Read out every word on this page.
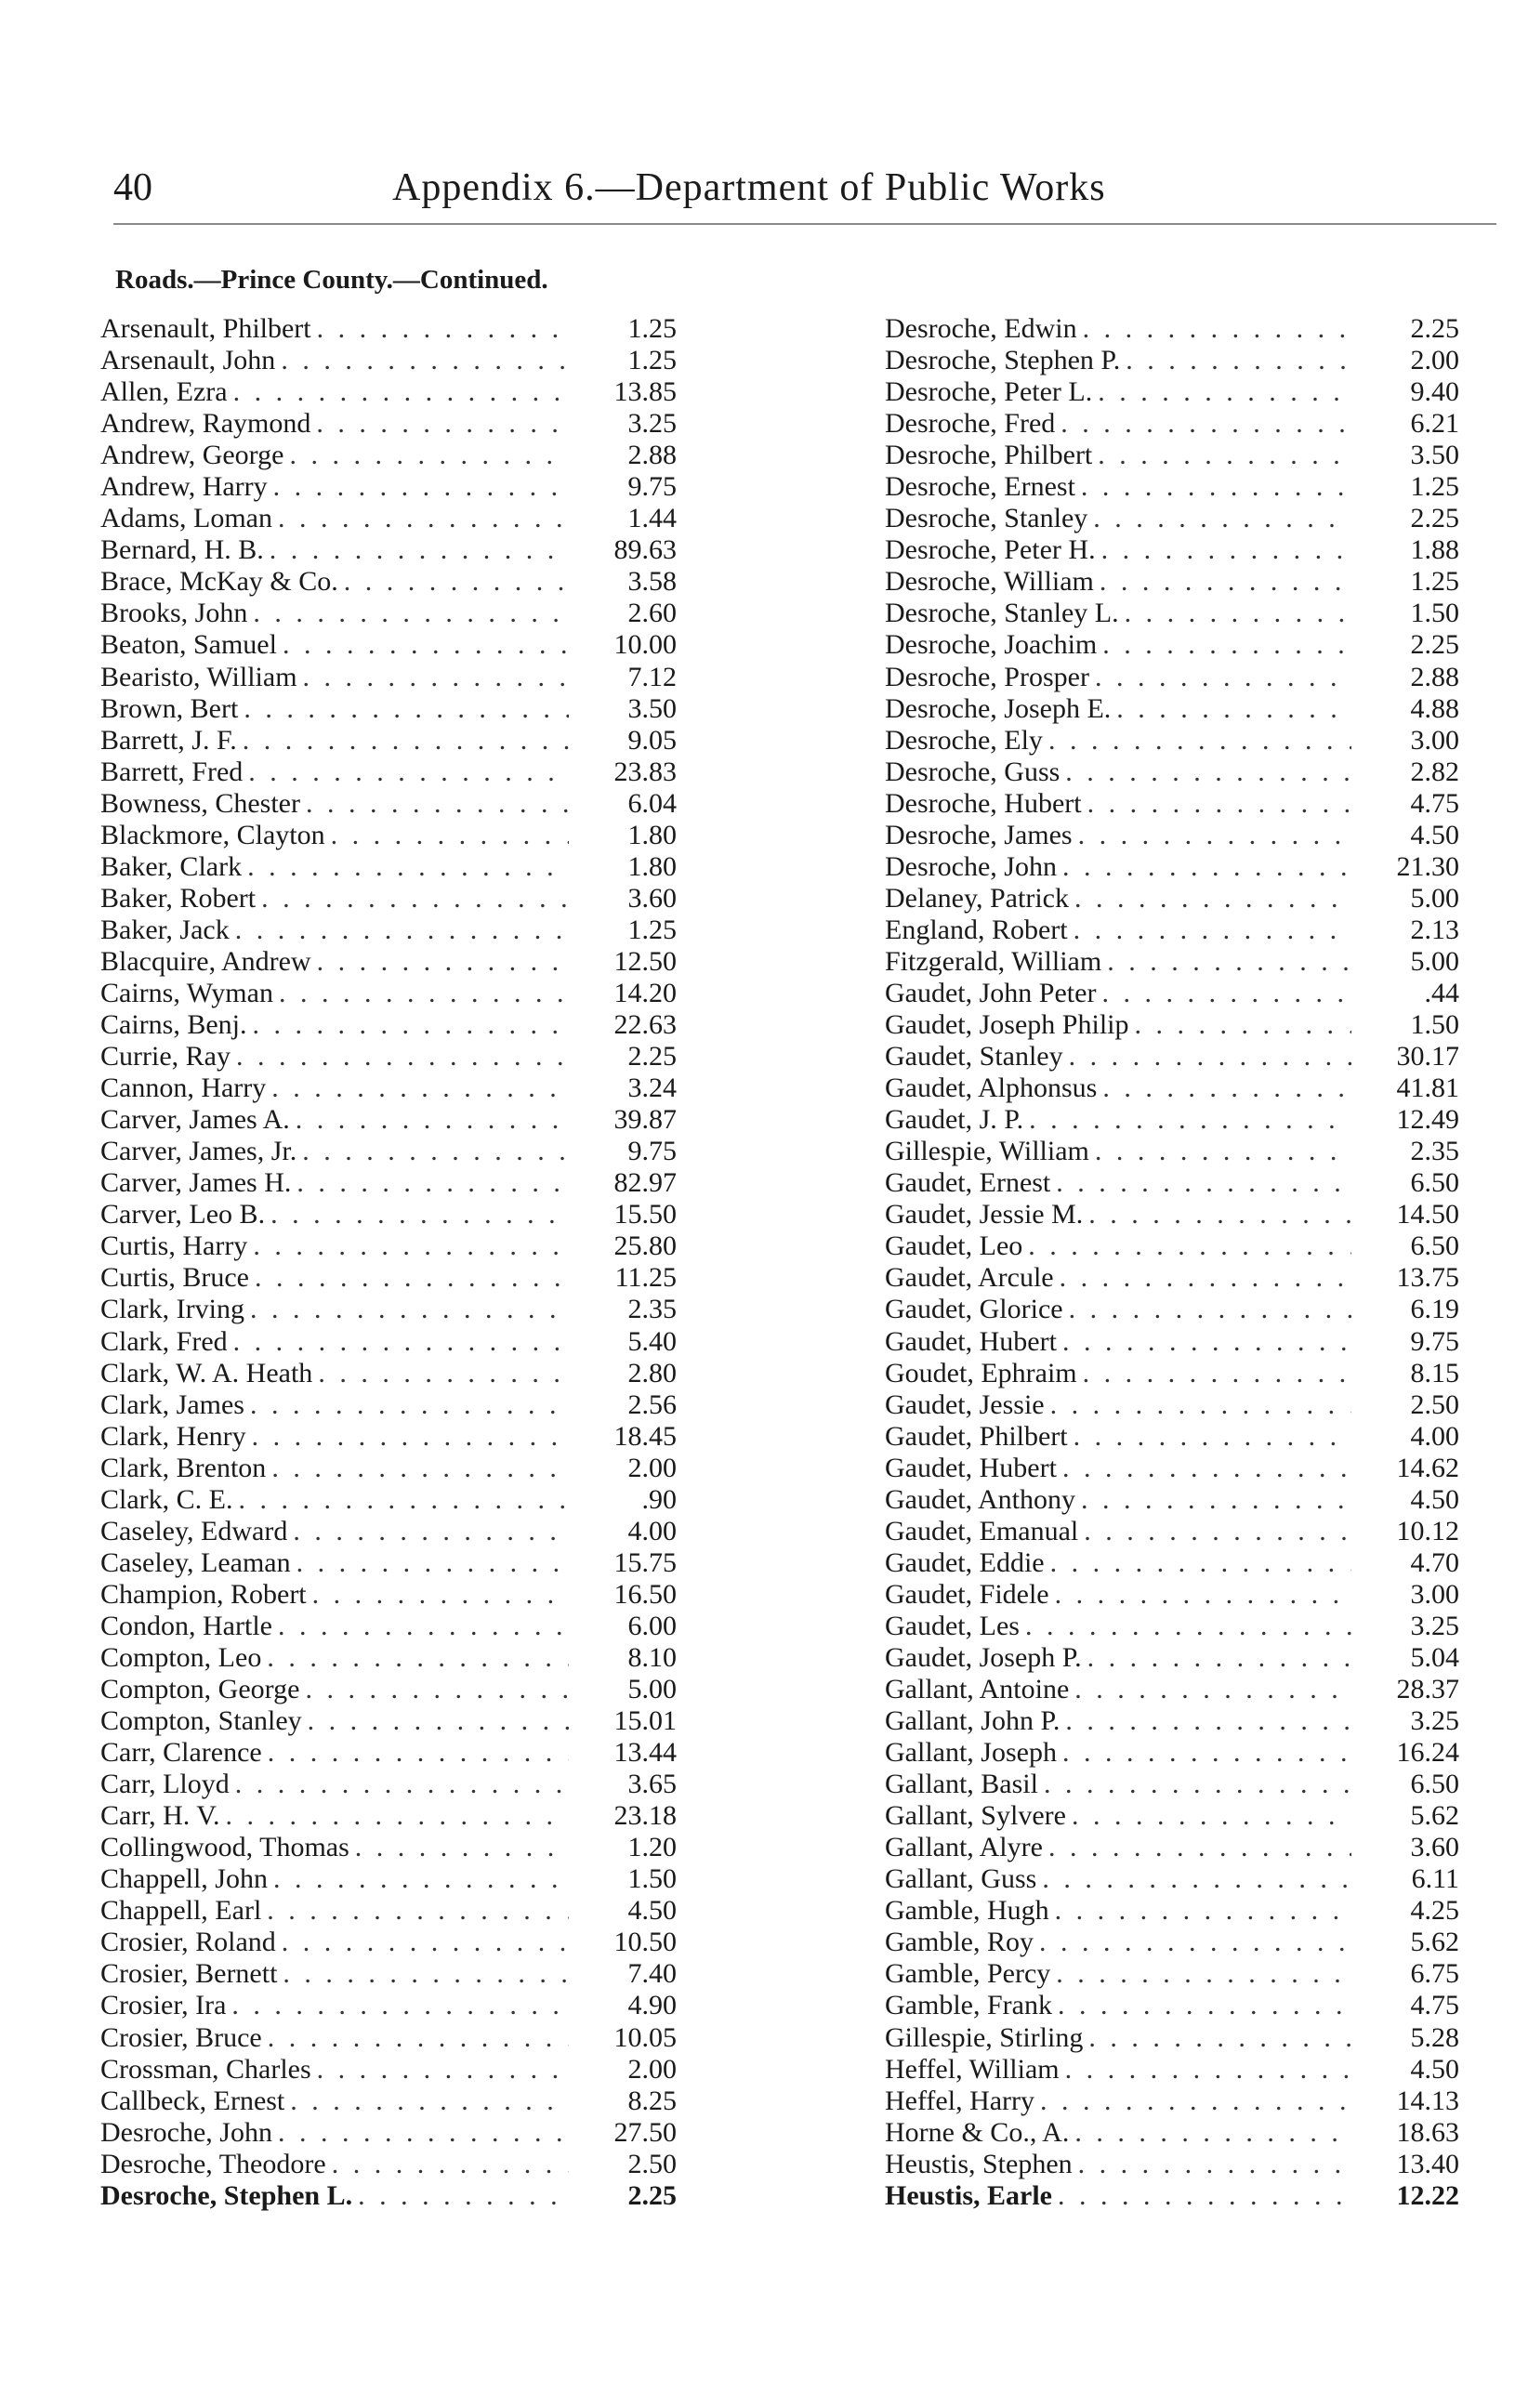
40	Appendix 6.—Department of Public Works
Roads.—Prince County.—Continued.
Arsenault, Philbert . . .	1.25
Arsenault, John . . .	1.25
Allen, Ezra . . .	13.85
Andrew, Raymond . . .	3.25
Andrew, George . . .	2.88
Andrew, Harry . . .	9.75
Adams, Loman . . .	1.44
Bernard, H. B. . . .	89.63
Brace, McKay & Co. . . .	3.58
Brooks, John . . .	2.60
Beaton, Samuel . . .	10.00
Bearisto, William . . .	7.12
Brown, Bert . . .	3.50
Barrett, J. F. . . .	9.05
Barrett, Fred . . .	23.83
Bowness, Chester . . .	6.04
Blackmore, Clayton . . .	1.80
Baker, Clark . . .	1.80
Baker, Robert . . .	3.60
Baker, Jack . . .	1.25
Blacquire, Andrew . . .	12.50
Cairns, Wyman . . .	14.20
Cairns, Benj. . . .	22.63
Currie, Ray . . .	2.25
Cannon, Harry . . .	3.24
Carver, James A. . . .	39.87
Carver, James, Jr. . . .	9.75
Carver, James H. . . .	82.97
Carver, Leo B. . . .	15.50
Curtis, Harry . . .	25.80
Curtis, Bruce . . .	11.25
Clark, Irving . . .	2.35
Clark, Fred . . .	5.40
Clark, W. A. Heath . . .	2.80
Clark, James . . .	2.56
Clark, Henry . . .	18.45
Clark, Brenton . . .	2.00
Clark, C. E. . . .	.90
Caseley, Edward . . .	4.00
Caseley, Leaman . . .	15.75
Champion, Robert . . .	16.50
Condon, Hartle . . .	6.00
Compton, Leo . . .	8.10
Compton, George . . .	5.00
Compton, Stanley . . .	15.01
Carr, Clarence . . .	13.44
Carr, Lloyd . . .	3.65
Carr, H. V. . . .	23.18
Collingwood, Thomas . . .	1.20
Chappell, John . . .	1.50
Chappell, Earl . . .	4.50
Crosier, Roland . . .	10.50
Crosier, Bernett . . .	7.40
Crosier, Ira . . .	4.90
Crosier, Bruce . . .	10.05
Crossman, Charles . . .	2.00
Callbeck, Ernest . . .	8.25
Desroche, John . . .	27.50
Desroche, Theodore . . .	2.50
Desroche, Stephen L. . . .	2.25
Desroche, Edwin . . .	2.25
Desroche, Stephen P. . . .	2.00
Desroche, Peter L. . . .	9.40
Desroche, Fred . . .	6.21
Desroche, Philbert . . .	3.50
Desroche, Ernest . . .	1.25
Desroche, Stanley . . .	2.25
Desroche, Peter H. . . .	1.88
Desroche, William . . .	1.25
Desroche, Stanley L. . . .	1.50
Desroche, Joachim . . .	2.25
Desroche, Prosper . . .	2.88
Desroche, Joseph E. . . .	4.88
Desroche, Ely . . .	3.00
Desroche, Guss . . .	2.82
Desroche, Hubert . . .	4.75
Desroche, James . . .	4.50
Desroche, John . . .	21.30
Delaney, Patrick . . .	5.00
England, Robert . . .	2.13
Fitzgerald, William . . .	5.00
Gaudet, John Peter . . .	.44
Gaudet, Joseph Philip . . .	1.50
Gaudet, Stanley . . .	30.17
Gaudet, Alphonsus . . .	41.81
Gaudet, J. P. . . .	12.49
Gillespie, William . . .	2.35
Gaudet, Ernest . . .	6.50
Gaudet, Jessie M. . . .	14.50
Gaudet, Leo . . .	6.50
Gaudet, Arcule . . .	13.75
Gaudet, Glorice . . .	6.19
Gaudet, Hubert . . .	9.75
Goudet, Ephraim . . .	8.15
Gaudet, Jessie . . .	2.50
Gaudet, Philbert . . .	4.00
Gaudet, Hubert . . .	14.62
Gaudet, Anthony . . .	4.50
Gaudet, Emanual . . .	10.12
Gaudet, Eddie . . .	4.70
Gaudet, Fidele . . .	3.00
Gaudet, Les . . .	3.25
Gaudet, Joseph P. . . .	5.04
Gallant, Antoine . . .	28.37
Gallant, John P. . . .	3.25
Gallant, Joseph . . .	16.24
Gallant, Basil . . .	6.50
Gallant, Sylvere . . .	5.62
Gallant, Alyre . . .	3.60
Gallant, Guss . . .	6.11
Gamble, Hugh . . .	4.25
Gamble, Roy . . .	5.62
Gamble, Percy . . .	6.75
Gamble, Frank . . .	4.75
Gillespie, Stirling . . .	5.28
Heffel, William . . .	4.50
Heffel, Harry . . .	14.13
Horne & Co., A. . . .	18.63
Heustis, Stephen . . .	13.40
Heustis, Earle . . .	12.22
